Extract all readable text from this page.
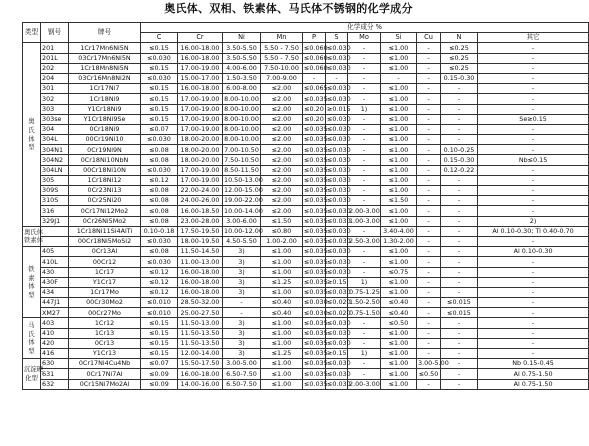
奥氏体、双相、铁素体、马氏体不锈钢的化学成分
类型	钢号	牌号	化学成分 %										
			C	Cr	Ni	Mn	P	S	Mo	Si	Cu	N	其它

奥
氏
体
型	201	1Cr17Mn6Ni5N	≤0.15	16.00-18.00	3.50-5.50	5.50 - 7.50	≤0.060	≤0.030	-	≤1.00	-	≤0.25	-
	201L	03Cr17Mn6Ni5N	≤0.030	16.00-18.00	3.50-5.50	5.50 - 7.50	≤0.060	≤0.030	-	≤1.00	-	≤0.25	-
	202	1Cr18Mn8Ni5N	≤0.15	17.00-19.00	4.00-6.00	7.50-10.00	≤0.060	≤0.030	-	≤1.00	-	≤0.25	-
	204	03Cr16Mn8Ni2N	≤0.030	15.00-17.00	1.50-3.50	7.00-9.00	-	-	-	-	-	0.15-0.30	-
	301	1Cr17Ni7	≤0.15	16.00-18.00	6.00-8.00	≤2.00	≤0.065	≤0.030	-	≤1.00	-	-	-
	302	1Cr18Ni9	≤0.15	17.00-19.00	8.00-10.00	≤2.00	≤0.035	≤0.030	-	≤1.00	-	-	-
	303	Y1Cr18Ni9	≤0.15	17.00-19.00	8.00-10.00	≤2.00	≤0.20	≥0.015	1)	≤1.00	-	-	-
	303se	Y1Cr18Ni9Se	≤0.15	17.00-19.00	8.00-10.00	≤2.00	≤0.20	≤0.030	-	≤1.00	-	-	Se≥0.15
	304	0Cr18Ni9	≤0.07	17.00-19.00	8.00-10.00	≤2.00	≤0.035	≤0.030	-	≤1.00	-	-	-
	304L	00Cr19Ni10	≤0.030	18.00-20.00	8.00-10.00	≤2.00	≤0.035	≤0.030	-	≤1.00	-	-	-
	304N1	0Cr19Ni9N	≤0.08	18.00-20.00	7.00-10.50	≤2.00	≤0.035	≤0.030	-	≤1.00	-	0.10-0.25	-
	304N2	0Cr18Ni10NbN	≤0.08	18.00-20.00	7.50-10.50	≤2.00	≤0.035	≤0.030	-	≤1.00	-	0.15-0.30	Nb≤0.15
	304LN	00Cr18Ni10N	≤0.030	17.00-19.00	8.50-11.50	≤2.00	≤0.035	≤0.030	-	≤1.00	-	0.12-0.22	-
	305	1Cr18Ni12	≤0.12	17.00-19.00	10.50-13.00	≤2.00	≤0.035	≤0.030	-	≤1.00	-	-	-
	309S	0Cr23Ni13	≤0.08	22.00-24.00	12.00-15.00	≤2.00	≤0.035	≤0.030	-	≤1.00	-	-	-
	310S	0Cr25Ni20	≤0.08	24.00-26.00	19.00-22.00	≤2.00	≤0.035	≤0.030	-	≤1.50	-	-	-
	316	0Cr17Ni12Mo2	≤0.08	16.00-18.50	10.00-14.00	≤2.00	≤0.035	≤0.030	2.00-3.00	≤1.00	-	-	-
	329J1	0Cr26Ni5Mo2	≤0.08	23.00-28.00	3.00-6.00	≤1.50	≤0.035	≤0.030	1.00-3.00	≤1.00	-	-	2)

奥氏体
铁素体		1Cr18Ni11Si4AlTi	0.10-0.18	17.50-19.50	10.00-12.00	≤0.80	≤0.035	≤0.030	-	3.40-4.00	-	-	Al 0.10-0.30; Ti 0.40-0.70
		00Cr18Ni5MoSi2	≤0.030	18.00-19.50	4.50-5.50	1.00-2.00	≤0.035	≤0.030	2.50-3.00	1.30-2.00	-	-	-

铁
素
体
型	405	0Cr13Al	≤0.08	11.50-14.50	3)	≤1.00	≤0.035	≤0.030	-	≤1.00	-	-	Al 0.10-0.30
	410L	00Cr12	≤0.030	11.00-13.00	3)	≤1.00	≤0.035	≤0.030	-	≤1.00	-	-	-
	430	1Cr17	≤0.12	16.00-18.00	3)	≤1.00	≤0.035	≤0.030	-	≤0.75	-	-	-
	430F	Y1Cr17	≤0.12	16.00-18.00	3)	≤1.25	≤0.035	≥0.15	1)	≤1.00	-	-	-
	434	1Cr17Mo	≤0.12	16.00-18.00	3)	≤1.00	≤0.035	≤0.030	0.75-1.25	≤1.00	-	-	-
	447J1	00Cr30Mo2	≤0.010	28.50-32.00	-	≤0.40	≤0.030	≤0.020	1.50-2.50	≤0.40	-	≤0.015	-
	XM27	00Cr27Mo	≤0.010	25.00-27.50	-	≤0.40	≤0.030	≤0.020	0.75-1.50	≤0.40	-	≤0.015	-

马
氏
体
型	403	1Cr12	≤0.15	11.50-13.00	3)	≤1.00	≤0.035	≤0.030	-	≤0.50	-	-	-
	410	1Cr13	≤0.15	11.50-13.50	3)	≤1.00	≤0.035	≤0.030	-	≤1.00	-	-	-
	420	0Cr13	≤0.15	11.50-13.50	3)	≤1.00	≤0.035	≤0.030	-	≤1.00	-	-	-
	416	Y1Cr13	≤0.15	12.00-14.00	3)	≤1.25	≤0.035	≥0.15	1)	≤1.00	-	-	-

沉淀硬
化型	630	0Cr17Ni4Cu4Nb	≤0.07	15.50-17.50	3.00-5.00	≤1.00	≤0.035	≤0.030	-	≤1.00	3.00-5.00	-	Nb 0.15-0.45
	631	0Cr17Ni7Al	≤0.09	16.00-18.00	6.50-7.50	≤1.00	≤0.035	≤0.030	-	≤1.00	≤0.50	-	Al 0.75-1.50
	632	0Cr15Ni7Mo2Al	≤0.09	14.00-16.00	6.50-7.50	≤1.00	≤0.035	≤0.030	2.00-3.00	≤1.00	-	-	Al 0.75-1.50
